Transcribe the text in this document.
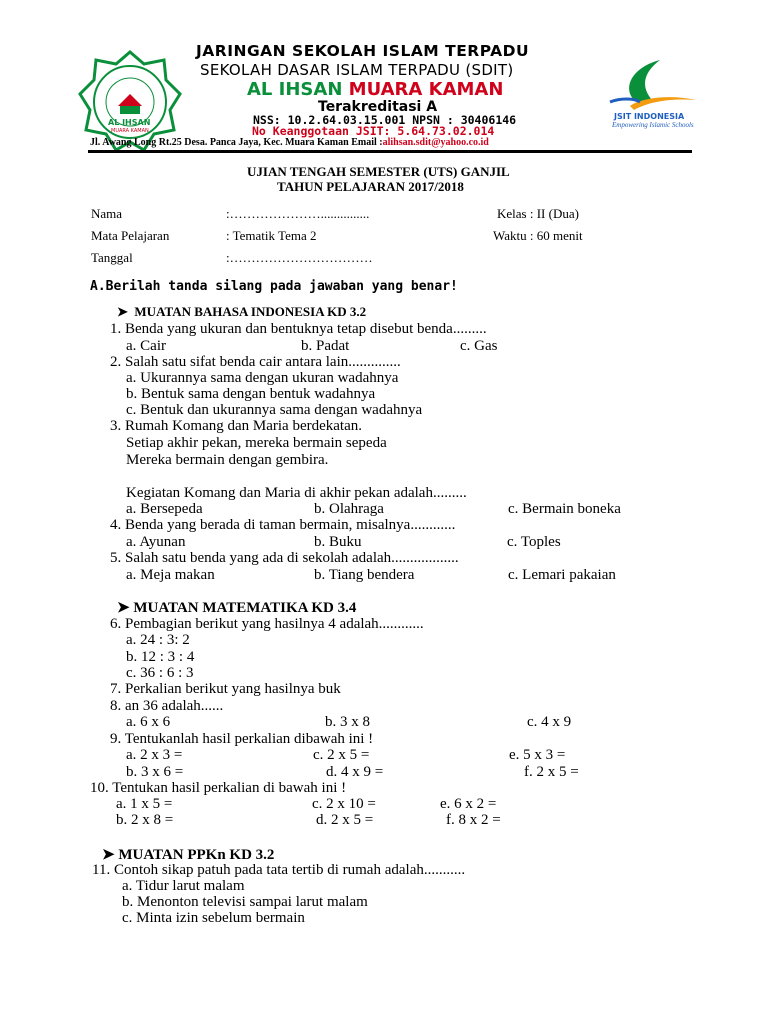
AL IHSAN
MUARA KAMAN
JARINGAN SEKOLAH ISLAM TERPADU
SEKOLAH DASAR ISLAM TERPADU (SDIT)
AL IHSAN MUARA KAMAN
Terakreditasi A
NSS: 10.2.64.03.15.001 NPSN : 30406146
No Keanggotaan JSIT: 5.64.73.02.014
Jl. Awang Long Rt.25 Desa. Panca Jaya, Kec. Muara Kaman Email :alihsan.sdit@yahoo.co.id
JSIT INDONESIA
Empowering Islamic Schools
UJIAN TENGAH SEMESTER (UTS) GANJIL
TAHUN PELAJARAN 2017/2018
Nama	:…………………...............	Kelas : II (Dua)
Mata Pelajaran	: Tematik Tema 2	Waktu : 60 menit
Tanggal	:……………………………
A.Berilah tanda silang pada jawaban yang benar!
➤ MUATAN BAHASA INDONESIA KD 3.2
1. Benda yang ukuran dan bentuknya tetap disebut benda.........
a. Cair	b. Padat	c. Gas
2. Salah satu sifat benda cair antara lain..............
a. Ukurannya sama dengan ukuran wadahnya
b. Bentuk sama dengan bentuk wadahnya
c. Bentuk dan ukurannya sama dengan wadahnya
3. Rumah Komang dan Maria berdekatan.
Setiap akhir pekan, mereka bermain sepeda
Mereka bermain dengan gembira.
Kegiatan Komang dan Maria di akhir pekan adalah.........
a. Bersepeda	b. Olahraga	c. Bermain boneka
4. Benda yang berada di taman bermain, misalnya............
a. Ayunan	b. Buku	c. Toples
5. Salah satu benda yang ada di sekolah adalah..................
a. Meja makan	b. Tiang bendera	c. Lemari pakaian
➤ MUATAN MATEMATIKA KD 3.4
6. Pembagian berikut yang hasilnya 4 adalah............
a. 24 : 3: 2
b. 12 : 3 : 4
c. 36 : 6 : 3
7. Perkalian berikut yang hasilnya buk
8. an 36 adalah......
a. 6 x 6	b. 3 x 8	c. 4 x 9
9. Tentukanlah hasil perkalian dibawah ini !
a. 2 x 3 =	c. 2 x 5 =	e. 5 x 3 =
b. 3 x 6 =	d. 4 x 9 =	f. 2 x 5 =
10. Tentukan hasil perkalian di bawah ini !
a. 1 x 5 =	c. 2 x 10 =	e. 6 x 2 =
b. 2 x 8 =	d. 2 x 5 =	f. 8 x 2 =
➤ MUATAN PPKn KD 3.2
11. Contoh sikap patuh pada tata tertib di rumah adalah...........
a. Tidur larut malam
b. Menonton televisi sampai larut malam
c. Minta izin sebelum bermain
